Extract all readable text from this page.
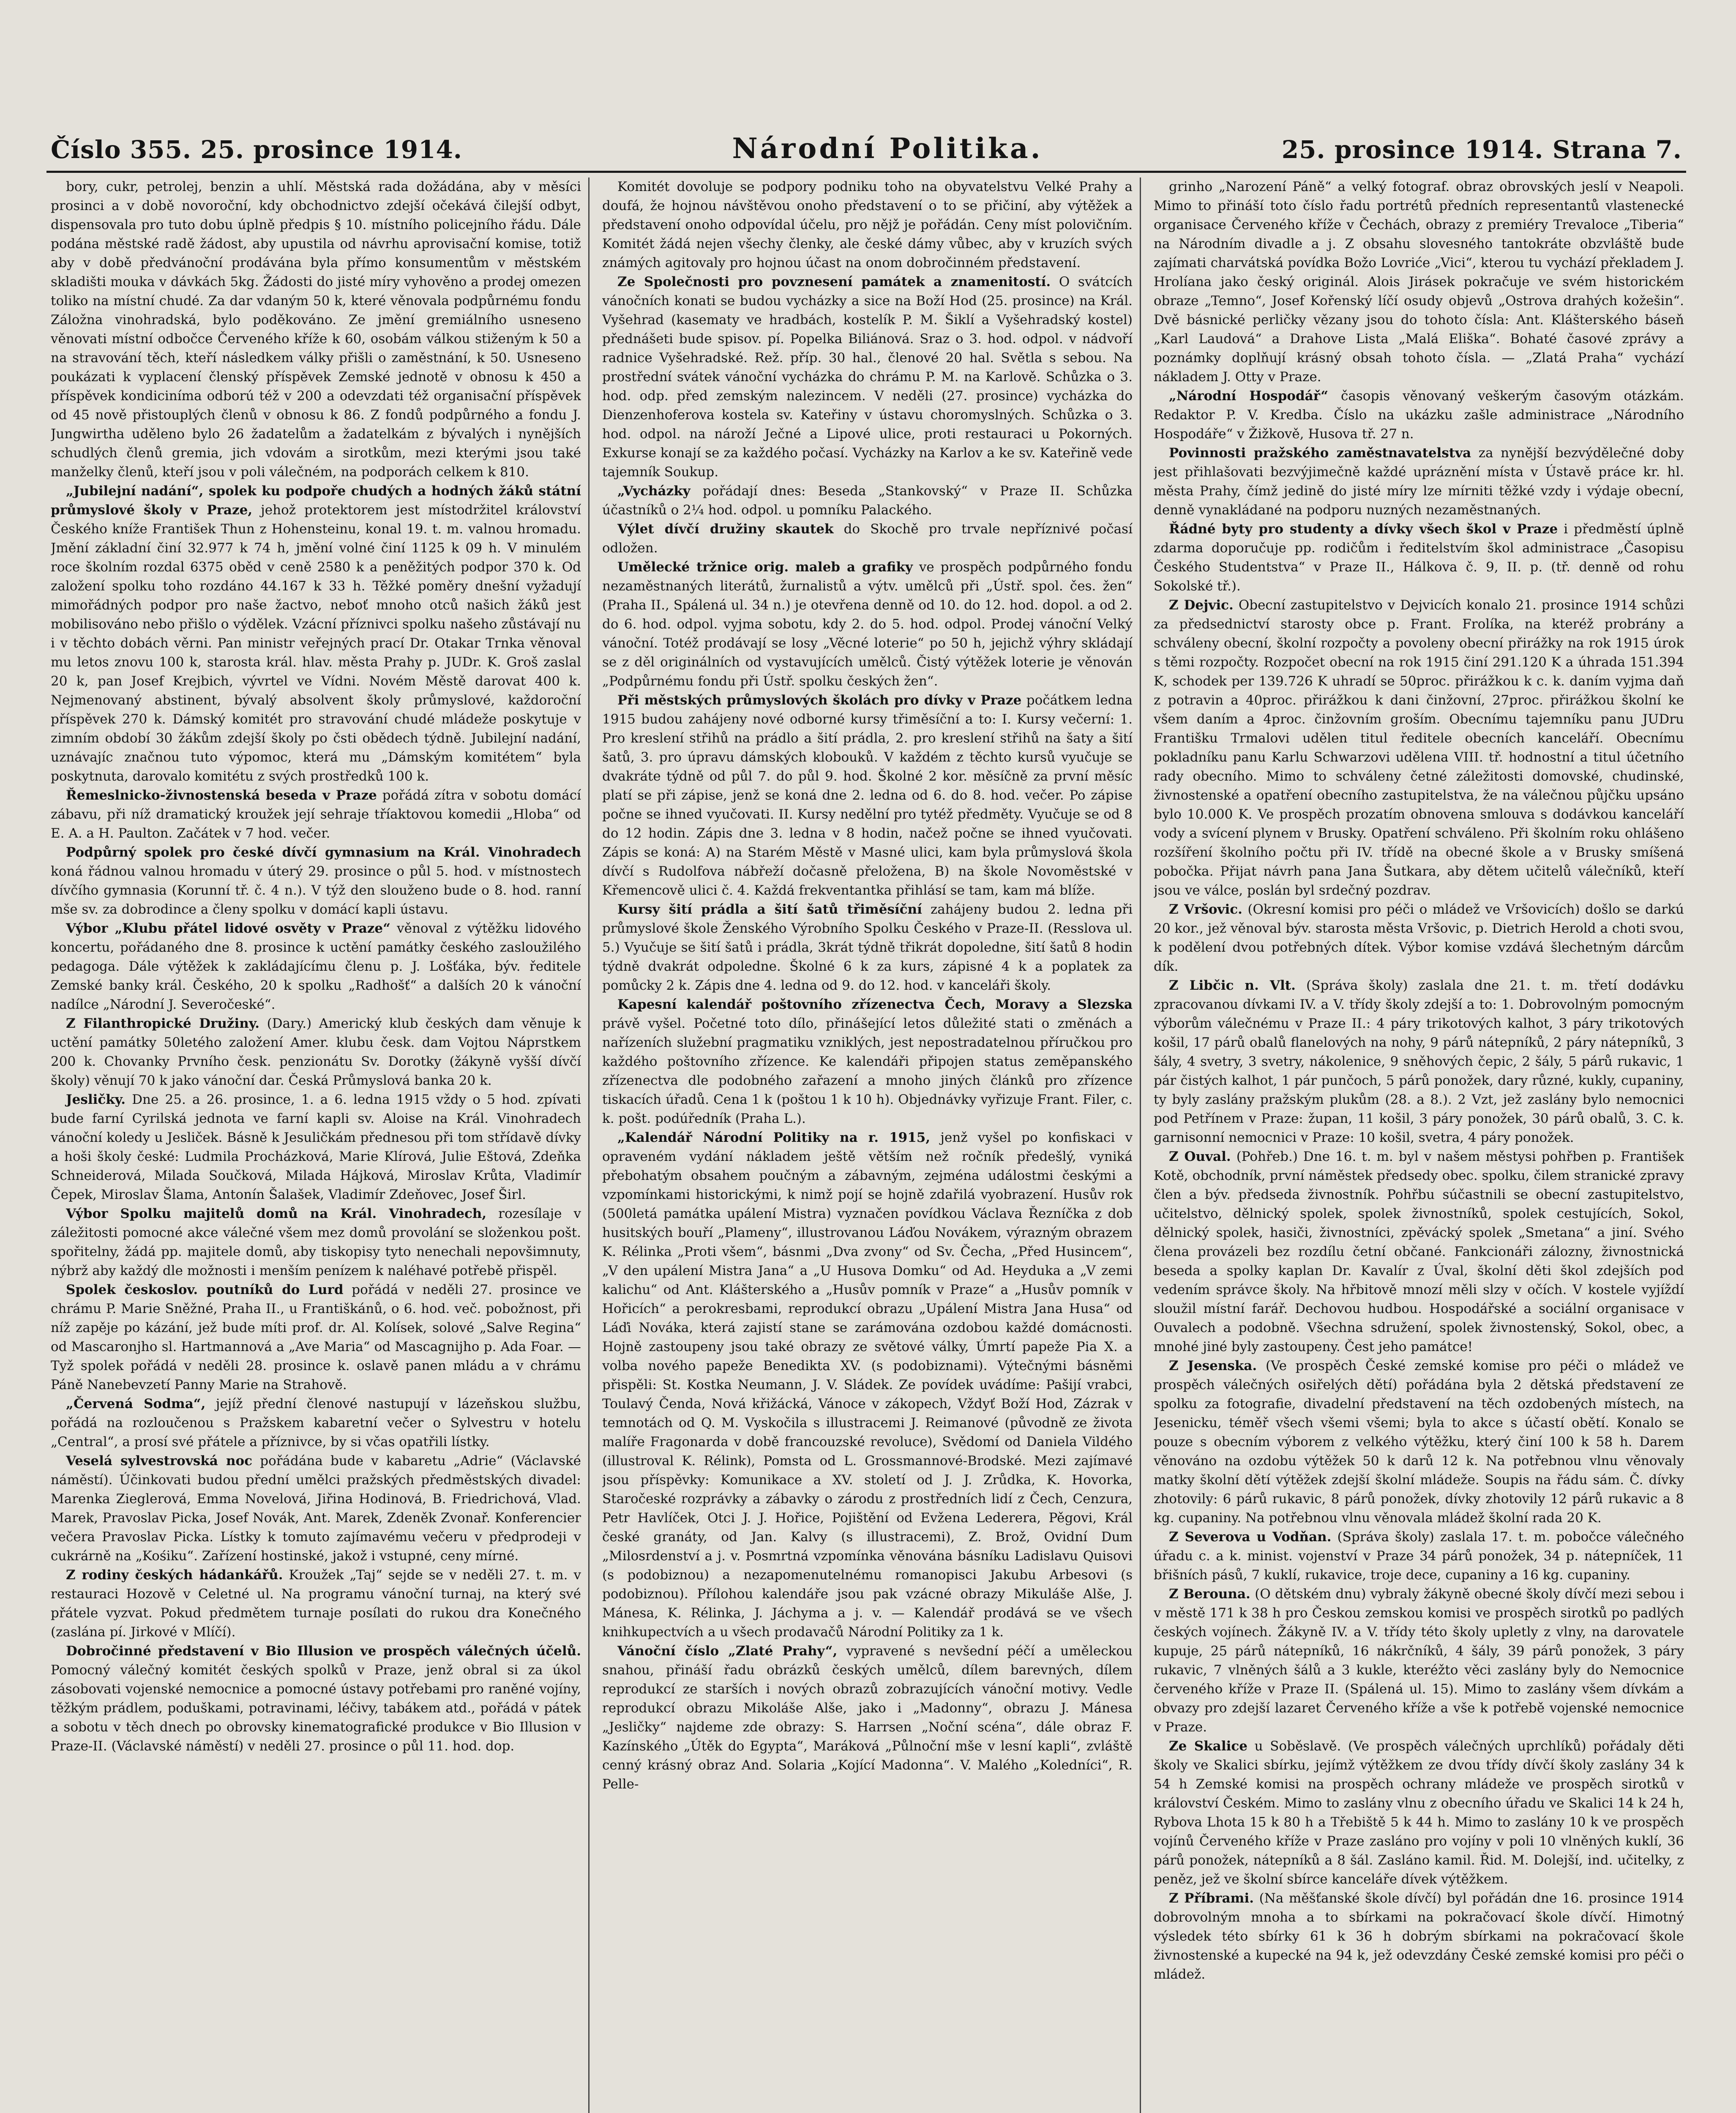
Číslo 355. 25. prosince 1914.	Národní Politika.	25. prosince 1914. Strana 7.

bory, cukr, petrolej, benzin a uhlí. Městská rada dožádána, aby v měsíci prosinci a v době novoroční, kdy obchodnictvo zdejší očekává čilejší odbyt, dispensovala pro tuto dobu úplně předpis § 10. místního policejního řádu. Dále podána městské radě žádost, aby upustila od návrhu aprovisační komise, totiž aby v době předvánoční prodávána byla přímo konsumentům v městském skladišti mouka v dávkách 5kg. Žádosti do jisté míry vyhověno a prodej omezen toliko na místní chudé. Za dar vdaným 50 k, které věnovala podpůrnému fondu Záložna vinohradská, bylo poděkováno. Ze jmění gremiálního usneseno věnovati místní odbočce Červeného kříže k 60, osobám válkou stiženým k 50 a na stravování těch, kteří následkem války přišli o zaměstnání, k 50. Usneseno poukázati k vyplacení členský příspěvek Zemské jednotě v obnosu k 450 a příspěvek kondiciníma odború též v 200 a odevzdati též organisační příspěvek od 45 nově přistouplých členů v obnosu k 86. Z fondů podpůrného a fondu J. Jungwirtha uděleno bylo 26 žadatelům a žadatelkám z bývalých i nynějších schudlých členů gremia, jich vdovám a sirotkům, mezi kterými jsou také manželky členů, kteří jsou v poli válečném, na podporách celkem k 810.

„Jubilejní nadání“, spolek ku podpoře chudých a hodných žáků státní průmyslové školy v Praze, jehož protektorem jest místodržitel království Českého kníže František Thun z Hohensteinu, konal 19. t. m. valnou hromadu. Jmění základní činí 32.977 k 74 h, jmění volné činí 1125 k 09 h. V minulém roce školním rozdal 6375 oběd v ceně 2580 k a peněžitých podpor 370 k. Od založení spolku toho rozdáno 44.167 k 33 h. Těžké poměry dnešní vyžadují mimořádných podpor pro naše žactvo, neboť mnoho otců našich žáků jest mobilisováno nebo přišlo o výdělek. Vzácní příznivci spolku našeho zůstávají nu i v těchto dobách věrni. Pan ministr veřejných prací Dr. Otakar Trnka věnoval mu letos znovu 100 k, starosta král. hlav. města Prahy p. JUDr. K. Groš zaslal 20 k, pan Josef Krejbich, vývrtel ve Vídni. Novém Městě darovat 400 k. Nejmenovaný abstinent, bývalý absolvent školy průmyslové, každoroční příspěvek 270 k. Dámský komitét pro stravování chudé mládeže poskytuje v zimním období 30 žákům zdejší školy po čsti obědech týdně. Jubilejní nadání, uznávajíc značnou tuto výpomoc, která mu „Dámským komitétem“ byla poskytnuta, darovalo komitétu z svých prostředků 100 k.

Řemeslnicko-živnostenská beseda v Praze pořádá zítra v sobotu domácí zábavu, při níž dramatický kroužek její sehraje tříaktovou komedii „Hloba“ od E. A. a H. Paulton. Začátek v 7 hod. večer.

Podpůrný spolek pro české dívčí gymnasium na Král. Vinohradech koná řádnou valnou hromadu v úterý 29. prosince o půl 5. hod. v místnostech dívčího gymnasia (Korunní tř. č. 4 n.). V týž den slouženo bude o 8. hod. ranní mše sv. za dobrodince a členy spolku v domácí kapli ústavu.

Výbor „Klubu přátel lidové osvěty v Praze“ věnoval z výtěžku lidového koncertu, pořádaného dne 8. prosince k uctění památky českého zasloužilého pedagoga. Dále výtěžek k zakládajícímu členu p. J. Lošťáka, býv. ředitele Zemské banky král. Českého, 20 k spolku „Radhošť“ a dalších 20 k vánoční nadílce „Národní J. Severočeské“.

Z Filanthropické Družiny. (Dary.) Americký klub českých dam věnuje k uctění památky 50letého založení Amer. klubu česk. dam Vojtou Náprstkem 200 k. Chovanky Prvního česk. penzionátu Sv. Dorotky (žákyně vyšší dívčí školy) věnují 70 k jako vánoční dar. Česká Průmyslová banka 20 k.

Jesličky. Dne 25. a 26. prosince, 1. a 6. ledna 1915 vždy o 5 hod. zpívati bude farní Cyrilská jednota ve farní kapli sv. Aloise na Král. Vinohradech vánoční koledy u Jesliček. Básně k Jesuličkám přednesou při tom střídavě dívky a hoši školy české: Ludmila Procházková, Marie Klírová, Julie Eštová, Zdeňka Schneiderová, Milada Součková, Milada Hájková, Miroslav Krůta, Vladimír Čepek, Miroslav Šlama, Antonín Šalašek, Vladimír Zdeňovec, Josef Širl.

Výbor Spolku majitelů domů na Král. Vinohradech, rozesílaje v záležitosti pomocné akce válečné všem mez domů provolání se složenkou pošt. spořitelny, žádá pp. majitele domů, aby tiskopisy tyto nenechali nepovšimnuty, nýbrž aby každý dle možnosti i menším penízem k naléhavé potřebě přispěl.

Spolek českoslov. poutníků do Lurd pořádá v neděli 27. prosince ve chrámu P. Marie Sněžné, Praha II., u Františkánů, o 6. hod. več. pobožnost, při níž zapěje po kázání, jež bude míti prof. dr. Al. Kolísek, solové „Salve Regina“ od Mascaronjho sl. Hartmannová a „Ave Maria“ od Mascagnijho p. Ada Foar. — Tyž spolek pořádá v neděli 28. prosince k. oslavě panen mládu a v chrámu Páně Nanebevzetí Panny Marie na Strahově.

„Červená Sodma“, jejíž přední členové nastupují v lázeňskou službu, pořádá na rozloučenou s Pražskem kabaretní večer o Sylvestru v hotelu „Central“, a prosí své přátele a příznivce, by si včas opatřili lístky.

Veselá sylvestrovská noc pořádána bude v kabaretu „Adrie“ (Václavské náměstí). Účinkovati budou přední umělci pražských předměstských divadel: Marenka Zieglerová, Emma Novelová, Jiřina Hodinová, B. Friedrichová, Vlad. Marek, Pravoslav Picka, Josef Novák, Ant. Marek, Zdeněk Zvonař. Konferencier večera Pravoslav Picka. Lístky k tomuto zajímavému večeru v předprodeji v cukrárně na „Kośiku“. Zařízení hostinské, jakož i vstupné, ceny mírné.

Z rodiny českých hádankářů. Kroužek „Taj“ sejde se v neděli 27. t. m. v restauraci Hozově v Celetné ul. Na programu vánoční turnaj, na který své přátele vyzvat. Pokud předmětem turnaje posílati do rukou dra Konečného (zaslána pí. Jirkové v Mlíčí).

Dobročinné představení v Bio Illusion ve prospěch válečných účelů. Pomocný válečný komitét českých spolků v Praze, jenž obral si za úkol zásobovati vojenské nemocnice a pomocné ústavy potřebami pro raněné vojíny, těžkým prádlem, poduškami, potravinami, léčivy, tabákem atd., pořádá v pátek a sobotu v těch dnech po obrovsky kinematografické produkce v Bio Illusion v Praze-II. (Václavské náměstí) v neděli 27. prosince o půl 11. hod. dop.

Komitét dovoluje se podpory podniku toho na obyvatelstvu Velké Prahy a doufá, že hojnou návštěvou onoho představení o to se přičiní, aby výtěžek a představení onoho odpovídal účelu, pro nějž je pořádán. Ceny míst polovičním. Komitét žádá nejen všechy členky, ale české dámy vůbec, aby v kruzích svých známých agitovaly pro hojnou účast na onom dobročinném představení.

Ze Společnosti pro povznesení památek a znamenitostí. O svátcích vánočních konati se budou vycházky a sice na Boží Hod (25. prosince) na Král. Vyšehrad (kasematy ve hradbách, kostelík P. M. Šiklí a Vyšehradský kostel) přednášeti bude spisov. pí. Popelka Biliánová. Sraz o 3. hod. odpol. v nádvoří radnice Vyšehradské. Rež. příp. 30 hal., členové 20 hal. Světla s sebou. Na prostřední svátek vánoční vycházka do chrámu P. M. na Karlově. Schůzka o 3. hod. odp. před zemským nalezincem. V neděli (27. prosince) vycházka do Dienzenhoferova kostela sv. Kateřiny v ústavu choromyslných. Schůzka o 3. hod. odpol. na nároží Ječné a Lipové ulice, proti restauraci u Pokorných. Exkurse konají se za každého počasí. Vycházky na Karlov a ke sv. Kateřině vede tajemník Soukup.

„Vycházky pořádají dnes: Beseda „Stankovský“ v Praze II. Schůzka účastníků o 2¼ hod. odpol. u pomníku Palackého.

Výlet dívčí družiny skautek do Skochě pro trvale nepříznivé počasí odložen.

Umělecké tržnice orig. maleb a grafiky ve prospěch podpůrného fondu nezaměstnaných literátů, žurnalistů a výtv. umělců při „Ústř. spol. čes. žen“ (Praha II., Spálená ul. 34 n.) je otevřena denně od 10. do 12. hod. dopol. a od 2. do 6. hod. odpol. vyjma sobotu, kdy 2. do 5. hod. odpol. Prodej vánoční Velký vánoční. Totéž prodávají se losy „Věcné loterie“ po 50 h, jejichž výhry skládají se z děl originálních od vystavujících umělců. Čistý výtěžek loterie je věnován „Podpůrnému fondu při Ústř. spolku českých žen“.

Při městských průmyslových školách pro dívky v Praze počátkem ledna 1915 budou zahájeny nové odborné kursy třiměsíční a to: I. Kursy večerní: 1. Pro kreslení střihů na prádlo a šití prádla, 2. pro kreslení střihů na šaty a šití šatů, 3. pro úpravu dámských klobouků. V každém z těchto kursů vyučuje se dvakráte týdně od půl 7. do půl 9. hod. Školné 2 kor. měsíčně za první měsíc platí se při zápise, jenž se koná dne 2. ledna od 6. do 8. hod. večer. Po zápise počne se ihned vyučovati. II. Kursy nedělní pro tytéž předměty. Vyučuje se od 8 do 12 hodin. Zápis dne 3. ledna v 8 hodin, načež počne se ihned vyučovati. Zápis se koná: A) na Starém Městě v Masné ulici, kam byla průmyslová škola dívčí s Rudolfova nábřeží dočasně přeložena, B) na škole Novoměstské v Křemencově ulici č. 4. Každá frekventantka přihlásí se tam, kam má blíže.

Kursy šití prádla a šití šatů třiměsíční zahájeny budou 2. ledna při průmyslové škole Ženského Výrobního Spolku Českého v Praze-II. (Resslova ul. 5.) Vyučuje se šití šatů i prádla, 3krát týdně třikrát dopoledne, šití šatů 8 hodin týdně dvakrát odpoledne. Školné 6 k za kurs, zápisné 4 k a poplatek za pomůcky 2 k. Zápis dne 4. ledna od 9. do 12. hod. v kanceláři školy.

Kapesní kalendář poštovního zřízenectva Čech, Moravy a Slezska právě vyšel. Početné toto dílo, přinášející letos důležité stati o změnách a nařízeních služební pragmatiku vzniklých, jest nepostradatelnou příručkou pro každého poštovního zřízence. Ke kalendáři připojen status zeměpanského zřízenectva dle podobného zařazení a mnoho jiných článků pro zřízence tiskacích úřadů. Cena 1 k (poštou 1 k 10 h). Objednávky vyřizuje Frant. Filer, c. k. pošt. podúředník (Praha L.).

„Kalendář Národní Politiky na r. 1915, jenž vyšel po konfiskaci v opraveném vydání nákladem ještě větším než ročník předešlý, vyniká přebohatým obsahem poučným a zábavným, zejména událostmi českými a vzpomínkami historickými, k nimž pojí se hojně zdařilá vyobrazení. Husův rok (500letá památka upálení Mistra) vyznačen povídkou Václava Řezníčka z dob husitských bouří „Plameny“, illustrovanou Láďou Novákem, výrazným obrazem K. Rélinka „Proti všem“, básnmi „Dva zvony“ od Sv. Čecha, „Před Husincem“, „V den upálení Mistra Jana“ a „U Husova Domku“ od Ad. Heyduka a „V zemi kalichu“ od Ant. Klášterského a „Husův pomník v Praze“ a „Husův pomník v Hořicích“ a perokresbami, reprodukcí obrazu „Upálení Mistra Jana Husa“ od Láďi Nováka, která zajistí stane se zarámována ozdobou každé domácnosti. Hojně zastoupeny jsou také obrazy ze světové války, Úmrtí papeže Pia X. a volba nového papeže Benedikta XV. (s podobiznami). Výtečnými básněmi přispěli: St. Kostka Neumann, J. V. Sládek. Ze povídek uvádíme: Pašijí vrabci, Toulavý Čenda, Nová křižácká, Vánoce v zákopech, Vždyť Boží Hod, Zázrak v temnotách od Q. M. Vyskočila s illustracemi J. Reimanové (původně ze života malíře Fragonarda v době francouzské revoluce), Svědomí od Daniela Vildého (illustroval K. Rélink), Pomsta od L. Grossmannové-Brodské. Mezi zajímavé jsou příspěvky: Komunikace a XV. století od J. J. Zrůdka, K. Hovorka, Staročeské rozprávky a zábavky o zárodu z prostředních lidí z Čech, Cenzura, Petr Havlíček, Otci J. J. Hořice, Pojištění od Evžena Lederera, Pěgovi, Král české granáty, od Jan. Kalvy (s illustracemi), Z. Brož, Ovidní Dum „Milosrdenství a j. v. Posmrtná vzpomínka věnována básníku Ladislavu Quisovi (s podobiznou) a nezapomenutelnému romanopisci Jakubu Arbesovi (s podobiznou). Přílohou kalendáře jsou pak vzácné obrazy Mikuláše Alše, J. Mánesa, K. Rélinka, J. Jáchyma a j. v. — Kalendář prodává se ve všech knihkupectvích a u všech prodavačů Národní Politiky za 1 k.

Vánoční číslo „Zlaté Prahy“, vypravené s nevšední péčí a uměleckou snahou, přináší řadu obrázků českých umělců, dílem barevných, dílem reprodukcí ze starších i nových obrazů zobrazujících vánoční motivy. Vedle reprodukcí obrazu Mikoláše Alše, jako i „Madonny“, obrazu J. Mánesa „Jesličky“ najdeme zde obrazy: S. Harrsen „Noční scéna“, dále obraz F. Kazínského „Útěk do Egypta“, Maráková „Půlnoční mše v lesní kapli“, zvláště cenný krásný obraz And. Solaria „Kojící Madonna“. V. Malého „Koledníci“, R. Pelle-

grinho „Narození Páně“ a velký fotograf. obraz obrovských jeslí v Neapoli. Mimo to přináší toto číslo řadu portrétů předních representantů vlastenecké organisace Červeného kříže v Čechách, obrazy z premiéry Trevaloce „Tiberia“ na Národním divadle a j. Z obsahu slovesného tantokráte obzvláště bude zajímati charvátská povídka Božo Lovriće „Vici“, kterou tu vychází překladem J. Hrolíana jako český originál. Alois Jirásek pokračuje ve svém historickém obraze „Temno“, Josef Kořenský líčí osudy objevů „Ostrova drahých kožešin“. Dvě básnické perličky vězany jsou do tohoto čísla: Ant. Klášterského báseň „Karl Laudová“ a Drahove Lista „Malá Eliška“. Bohaté časové zprávy a poznámky doplňují krásný obsah tohoto čísla. — „Zlatá Praha“ vychází nákladem J. Otty v Praze.

„Národní Hospodář“ časopis věnovaný veškerým časovým otázkám. Redaktor P. V. Kredba. Číslo na ukázku zašle administrace „Národního Hospodáře“ v Žižkově, Husova tř. 27 n.

Povinnosti pražského zaměstnavatelstva za nynější bezvýdělečné doby jest přihlašovati bezvýjimečně každé upráznění místa v Ústavě práce kr. hl. města Prahy, čímž jedině do jisté míry lze mírniti těžké vzdy i výdaje obecní, denně vynakládané na podporu nuzných nezaměstnaných.

Řádné byty pro studenty a dívky všech škol v Praze i předměstí úplně zdarma doporučuje pp. rodičům i ředitelstvím škol administrace „Časopisu Českého Studentstva“ v Praze II., Hálkova č. 9, II. p. (tř. denně od rohu Sokolské tř.).

Z Dejvic. Obecní zastupitelstvo v Dejvicích konalo 21. prosince 1914 schůzi za předsednictví starosty obce p. Frant. Frolíka, na kteréž probrány a schváleny obecní, školní rozpočty a povoleny obecní přirážky na rok 1915 úrok s těmi rozpočty. Rozpočet obecní na rok 1915 činí 291.120 K a úhrada 151.394 K, schodek per 139.726 K uhradí se 50proc. přirážkou k c. k. daním vyjma daň z potravin a 40proc. přirážkou k dani činžovní, 27proc. přirážkou školní ke všem daním a 4proc. činžovním groším. Obecnímu tajemníku panu JUDru Františku Trmalovi udělen titul ředitele obecních kanceláří. Obecnímu pokladníku panu Karlu Schwarzovi udělena VIII. tř. hodnostní a titul účetního rady obecního. Mimo to schváleny četné záležitosti domovské, chudinské, živnostenské a opatření obecního zastupitelstva, že na válečnou půjčku upsáno bylo 10.000 K. Ve prospěch prozatím obnovena smlouva s dodávkou kanceláří vody a svícení plynem v Brusky. Opatření schváleno. Při školním roku ohlášeno rozšíření školního počtu při IV. třídě na obecné škole a v Brusky smíšená pobočka. Přijat návrh pana Jana Šutkara, aby dětem učitelů válečníků, kteří jsou ve válce, poslán byl srdečný pozdrav.

Z Vršovic. (Okresní komisi pro péči o mládež ve Vršovicích) došlo se darkú 20 kor., jež věnoval býv. starosta města Vršovic, p. Dietrich Herold a choti svou, k podělení dvou potřebných dítek. Výbor komise vzdává šlechetným dárcům dík.

Z Libčic n. Vlt. (Správa školy) zaslala dne 21. t. m. třetí dodávku zpracovanou dívkami IV. a V. třídy školy zdejší a to: 1. Dobrovolným pomocným výborům válečnému v Praze II.: 4 páry trikotových kalhot, 3 páry trikotových košil, 17 párů obalů flanelových na nohy, 9 párů nátepníků, 2 páry nátepníků, 3 šály, 4 svetry, 3 svetry, nákolenice, 9 sněhových čepic, 2 šály, 5 párů rukavic, 1 pár čistých kalhot, 1 pár punčoch, 5 párů ponožek, dary různé, kukly, cupaniny, ty byly zaslány pražským plukům (28. a 8.). 2 Vzt, jež zaslány bylo nemocnici pod Petřínem v Praze: župan, 11 košil, 3 páry ponožek, 30 párů obalů, 3. C. k. garnisonní nemocnici v Praze: 10 košil, svetra, 4 páry ponožek.

Z Ouval. (Pohřeb.) Dne 16. t. m. byl v našem městysi pohřben p. František Kotě, obchodník, první náměstek předsedy obec. spolku, čilem stranické zpravy člen a býv. předseda živnostník. Pohřbu súčastnili se obecní zastupitelstvo, učitelstvo, dělnický spolek, spolek živnostníků, spolek cestujících, Sokol, dělnický spolek, hasiči, živnostníci, zpěvácký spolek „Smetana“ a jiní. Svého člena provázeli bez rozdílu četní občané. Fankcionáři zálozny, živnostnická beseda a spolky kaplan Dr. Kavalír z Úval, školní děti škol zdejších pod vedením správce školy. Na hřbitově mnozí měli slzy v očích. V kostele vyjíždí sloužil místní farář. Dechovou hudbou. Hospodářské a sociální organisace v Ouvalech a podobně. Všechna sdružení, spolek živnostenský, Sokol, obec, a mnohé jiné byly zastoupeny. Čest jeho památce!

Z Jesenska. (Ve prospěch České zemské komise pro péči o mládež ve prospěch válečných osiřelých dětí) pořádána byla 2 dětská představení ze spolku za fotografie, divadelní představení na těch ozdobených místech, na Jesenicku, téměř všech všemi všemi; byla to akce s účastí obětí. Konalo se pouze s obecním výborem z velkého výtěžku, který činí 100 k 58 h. Darem věnováno na ozdobu výtěžek 50 k darů 12 k. Na potřebnou vlnu věnovaly matky školní dětí výtěžek zdejší školní mládeže. Soupis na řádu sám. Č. dívky zhotovily: 6 párů rukavic, 8 párů ponožek, dívky zhotovily 12 párů rukavic a 8 kg. cupaniny. Na potřebnou vlnu věnovala mládež školní rada 20 K.

Z Severova u Vodňan. (Správa školy) zaslala 17. t. m. pobočce válečného úřadu c. a k. minist. vojenství v Praze 34 párů ponožek, 34 p. nátepníček, 11 břišních pásů, 7 kuklí, rukavice, troje dece, cupaniny a 16 kg. cupaniny.

Z Berouna. (O dětském dnu) vybraly žákyně obecné školy dívčí mezi sebou i v městě 171 k 38 h pro Českou zemskou komisi ve prospěch sirotků po padlých českých vojínech. Žákyně IV. a V. třídy této školy upletly z vlny, na darovatele kupuje, 25 párů nátepníků, 16 nákrčníků, 4 šály, 39 párů ponožek, 3 páry rukavic, 7 vlněných šálů a 3 kukle, kteréžto věci zaslány byly do Nemocnice červeného kříže v Praze II. (Spálená ul. 15). Mimo to zaslány všem dívkám a obvazy pro zdejší lazaret Červeného kříže a vše k potřebě vojenské nemocnice v Praze.

Ze Skalice u Soběslavě. (Ve prospěch válečných uprchlíků) pořádaly děti školy ve Skalici sbírku, jejímž výtěžkem ze dvou třídy dívčí školy zaslány 34 k 54 h Zemské komisi na prospěch ochrany mládeže ve prospěch sirotků v království Českém. Mimo to zaslány vlnu z obecního úřadu ve Skalici 14 k 24 h, Rybova Lhota 15 k 80 h a Třebiště 5 k 44 h. Mimo to zaslány 10 k ve prospěch vojínů Červeného kříže v Praze zasláno pro vojíny v poli 10 vlněných kuklí, 36 párů ponožek, nátepníků a 8 šál. Zasláno kamil. Řid. M. Dolejší, ind. učitelky, z peněz, jež ve školní sbírce kanceláře dívek výtěžkem.

Z Příbrami. (Na měšťanské škole dívčí) byl pořádán dne 16. prosince 1914 dobrovolným mnoha a to sbírkami na pokračovací škole dívčí. Himotný výsledek této sbírky 61 k 36 h dobrým sbírkami na pokračovací škole živnostenské a kupecké na 94 k, jež odevzdány České zemské komisi pro péči o mládež.
